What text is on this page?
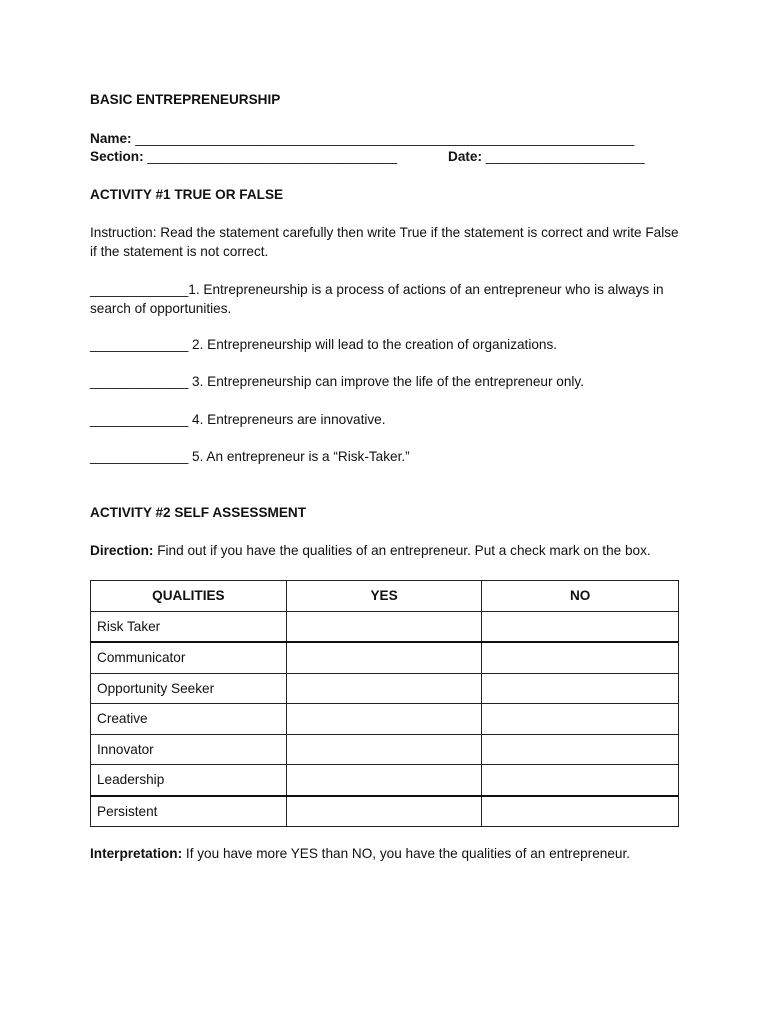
BASIC ENTREPRENEURSHIP
Name: __________________________________________________________________
Section: _________________________________	Date: _____________________
ACTIVITY #1 TRUE OR FALSE
Instruction: Read the statement carefully then write True if the statement is correct and write False if the statement is not correct.
_____________1. Entrepreneurship is a process of actions of an entrepreneur who is always in search of opportunities.
_____________ 2. Entrepreneurship will lead to the creation of organizations.
_____________ 3. Entrepreneurship can improve the life of the entrepreneur only.
_____________ 4. Entrepreneurs are innovative.
_____________ 5. An entrepreneur is a “Risk-Taker.”
ACTIVITY #2 SELF ASSESSMENT
Direction: Find out if you have the qualities of an entrepreneur. Put a check mark on the box.
QUALITIES	YES	NO
Risk Taker		
Communicator		
Opportunity Seeker		
Creative		
Innovator		
Leadership		
Persistent		
Interpretation: If you have more YES than NO, you have the qualities of an entrepreneur.
